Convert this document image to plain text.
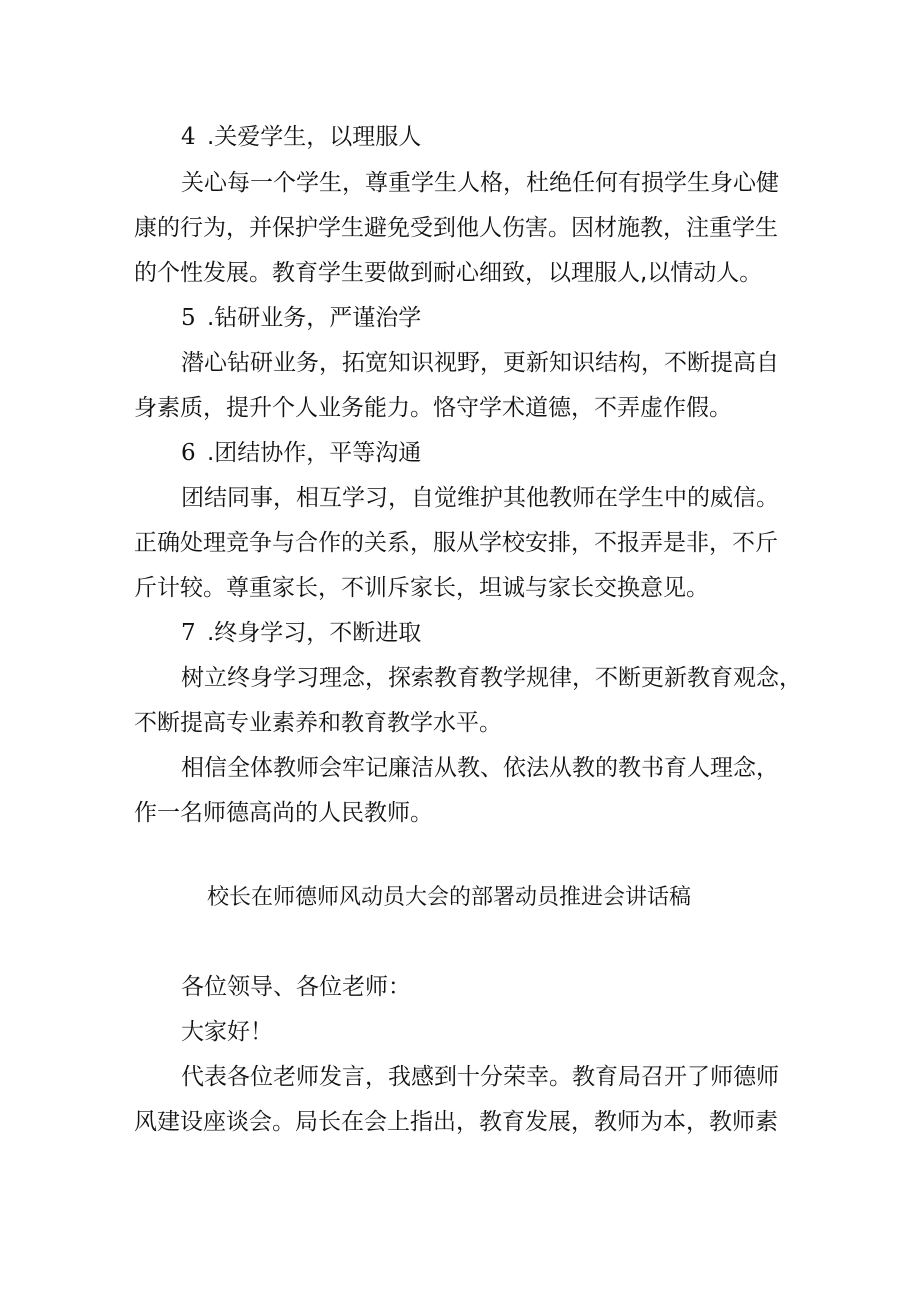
4 .关爱学生，以理服人

关心每一个学生，尊重学生人格，杜绝任何有损学生身心健

康的行为，并保护学生避免受到他人伤害。因材施教，注重学生

的个性发展。教育学生要做到耐心细致，以理服人,以情动人。

5 .钻研业务，严谨治学

潜心钻研业务，拓宽知识视野，更新知识结构，不断提高自

身素质，提升个人业务能力。恪守学术道德，不弄虚作假。

6 .团结协作，平等沟通

团结同事，相互学习，自觉维护其他教师在学生中的威信。

正确处理竞争与合作的关系，服从学校安排，不报弄是非，不斤

斤计较。尊重家长，不训斥家长，坦诚与家长交换意见。

7 .终身学习，不断进取

树立终身学习理念，探索教育教学规律，不断更新教育观念，

不断提高专业素养和教育教学水平。

相信全体教师会牢记廉洁从教、依法从教的教书育人理念，

作一名师德高尚的人民教师。

校长在师德师风动员大会的部署动员推进会讲话稿

各位领导、各位老师：

大家好！

代表各位老师发言，我感到十分荣幸。教育局召开了师德师

风建设座谈会。局长在会上指出，教育发展，教师为本，教师素
